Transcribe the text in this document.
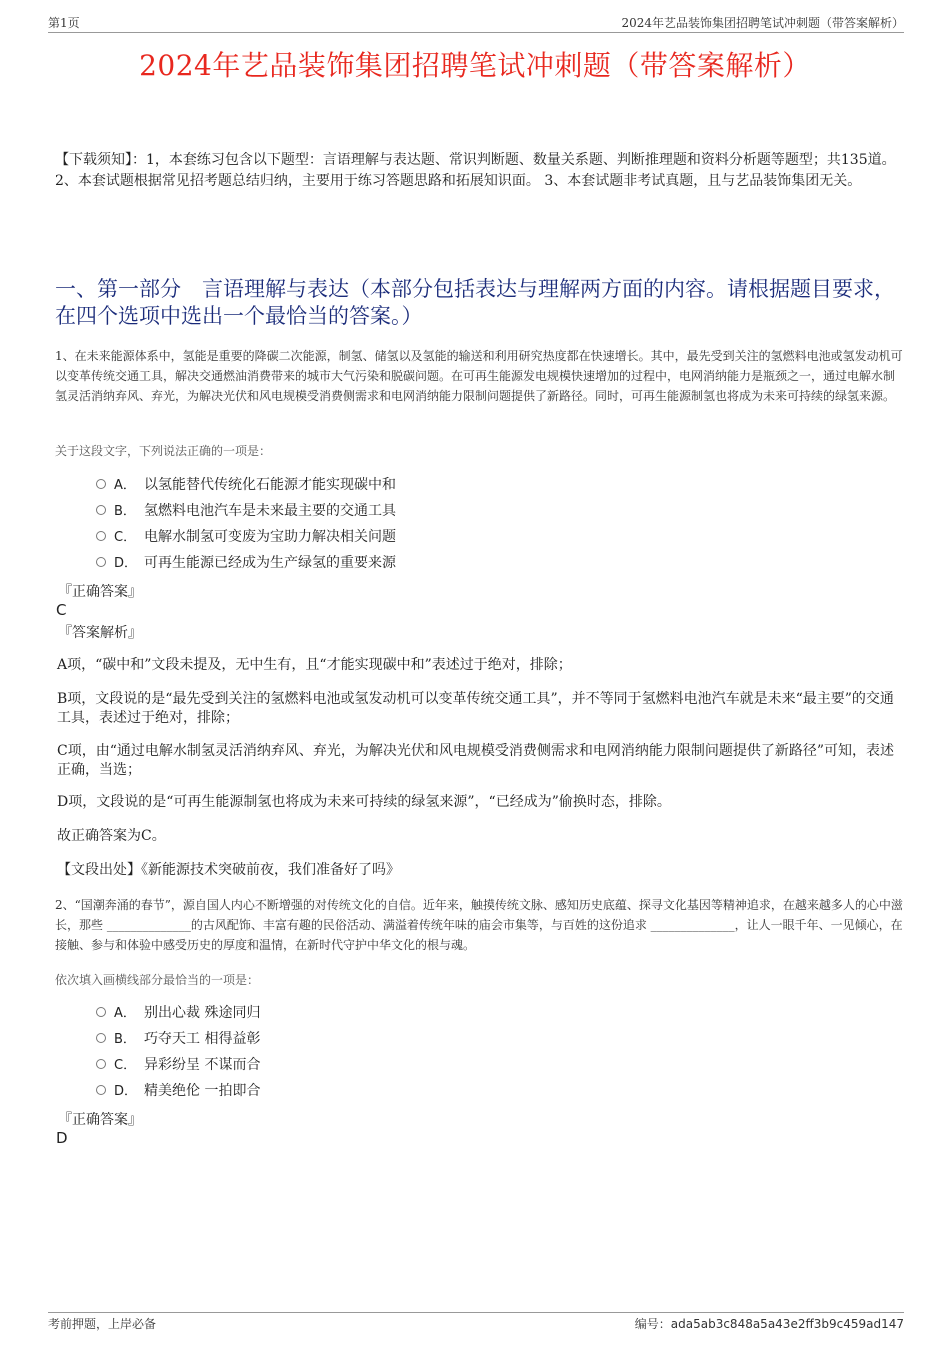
第1页	2024年艺品装饰集团招聘笔试冲刺题（带答案解析）
2024年艺品装饰集团招聘笔试冲刺题（带答案解析）
【下载须知】：1，本套练习包含以下题型：言语理解与表达题、常识判断题、数量关系题、判断推理题和资料分析题等题型；共135道。 2、本套试题根据常见招考题总结归纳，主要用于练习答题思路和拓展知识面。 3、本套试题非考试真题，且与艺品装饰集团无关。
一、第一部分　言语理解与表达（本部分包括表达与理解两方面的内容。请根据题目要求，在四个选项中选出一个最恰当的答案。）
1、在未来能源体系中，氢能是重要的降碳二次能源，制氢、储氢以及氢能的输送和利用研究热度都在快速增长。其中，最先受到关注的氢燃料电池或氢发动机可以变革传统交通工具，解决交通燃油消费带来的城市大气污染和脱碳问题。在可再生能源发电规模快速增加的过程中，电网消纳能力是瓶颈之一，通过电解水制氢灵活消纳弃风、弃光，为解决光伏和风电规模受消费侧需求和电网消纳能力限制问题提供了新路径。同时，可再生能源制氢也将成为未来可持续的绿氢来源。
关于这段文字，下列说法正确的一项是：
A． 以氢能替代传统化石能源才能实现碳中和
B． 氢燃料电池汽车是未来最主要的交通工具
C． 电解水制氢可变废为宝助力解决相关问题
D． 可再生能源已经成为生产绿氢的重要来源
『正确答案』
C
『答案解析』
A项，“碳中和”文段未提及，无中生有，且“才能实现碳中和”表述过于绝对，排除；
B项，文段说的是“最先受到关注的氢燃料电池或氢发动机可以变革传统交通工具”，并不等同于氢燃料电池汽车就是未来“最主要”的交通工具，表述过于绝对，排除；
C项，由“通过电解水制氢灵活消纳弃风、弃光，为解决光伏和风电规模受消费侧需求和电网消纳能力限制问题提供了新路径”可知，表述正确，当选；
D项，文段说的是“可再生能源制氢也将成为未来可持续的绿氢来源”，“已经成为”偷换时态，排除。
故正确答案为C。
【文段出处】《新能源技术突破前夜，我们准备好了吗》
2、“国潮奔涌的春节”，源自国人内心不断增强的对传统文化的自信。近年来，触摸传统文脉、感知历史底蕴、探寻文化基因等精神追求，在越来越多人的心中滋长，那些 ______________的古风配饰、丰富有趣的民俗活动、满溢着传统年味的庙会市集等，与百姓的这份追求 ______________，让人一眼千年、一见倾心，在接触、参与和体验中感受历史的厚度和温情，在新时代守护中华文化的根与魂。
依次填入画横线部分最恰当的一项是：
A． 别出心裁 殊途同归
B． 巧夺天工 相得益彰
C． 异彩纷呈 不谋而合
D． 精美绝伦 一拍即合
『正确答案』
D
考前押题，上岸必备	编号：ada5ab3c848a5a43e2ff3b9c459ad147
